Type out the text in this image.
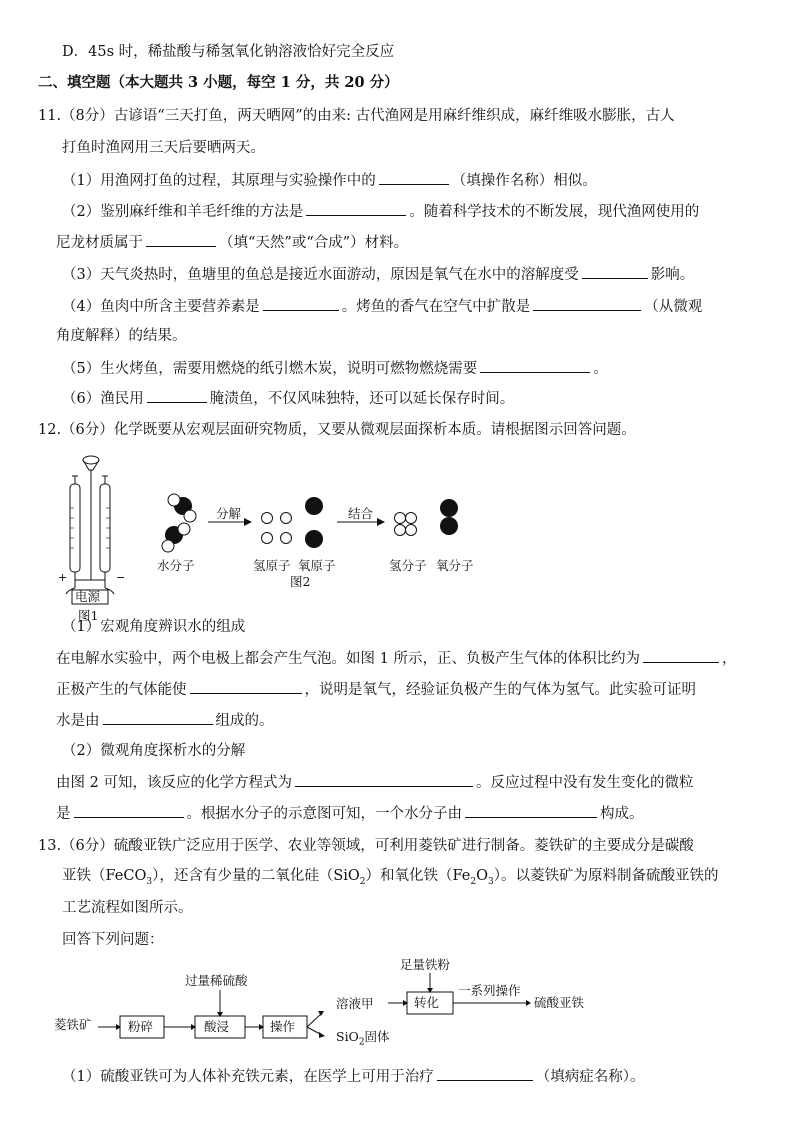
D．45s 时，稀盐酸与稀氢氧化钠溶液恰好完全反应
二、填空题（本大题共 3 小题，每空 1 分，共 20 分）
11.（8分）古谚语“三天打鱼，两天晒网”的由来: 古代渔网是用麻纤维织成，麻纤维吸水膨胀，古人
打鱼时渔网用三天后要晒两天。
（1）用渔网打鱼的过程，其原理与实验操作中的	（填操作名称）相似。
（2）鉴别麻纤维和羊毛纤维的方法是	。随着科学技术的不断发展，现代渔网使用的
尼龙材质属于	（填“天然”或“合成”）材料。
（3）天气炎热时，鱼塘里的鱼总是接近水面游动，原因是氧气在水中的溶解度受	影响。
（4）鱼肉中所含主要营养素是	。烤鱼的香气在空气中扩散是	（从微观
角度解释）的结果。
（5）生火烤鱼，需要用燃烧的纸引燃木炭，说明可燃物燃烧需要	。
（6）渔民用	腌渍鱼，不仅风味独特，还可以延长保存时间。
12.（6分）化学既要从宏观层面研究物质，又要从微观层面探析本质。请根据图示回答问题。
+	−
电源
图1
分解	结合
水分子	氢原子 氧原子
图2
氢分子 氧分子
（1）宏观角度辨识水的组成
在电解水实验中，两个电极上都会产生气泡。如图 1 所示，正、负极产生气体的体积比约为	，
正极产生的气体能使	，说明是氧气，经验证负极产生的气体为氢气。此实验可证明
水是由	组成的。
（2）微观角度探析水的分解
由图 2 可知，该反应的化学方程式为	。反应过程中没有发生变化的微粒
是	。根据水分子的示意图可知，一个水分子由	构成。
13.（6分）硫酸亚铁广泛应用于医学、农业等领域，可利用菱铁矿进行制备。菱铁矿的主要成分是碳酸
亚铁（FeCO$_3$），还含有少量的二氧化硅（SiO$_2$）和氧化铁$(Fe_2O_3)$。以菱铁矿为原料制备硫酸亚铁的
工艺流程如图所示。
回答下列问题：
菱铁矿	粉碎
过量稀硫酸
酸浸	操作
溶液甲
SiO$_2$固体
足量铁粉
转化
一系列操作
硫酸亚铁
（1）硫酸亚铁可为人体补充铁元素，在医学上可用于治疗	（填病症名称）。
